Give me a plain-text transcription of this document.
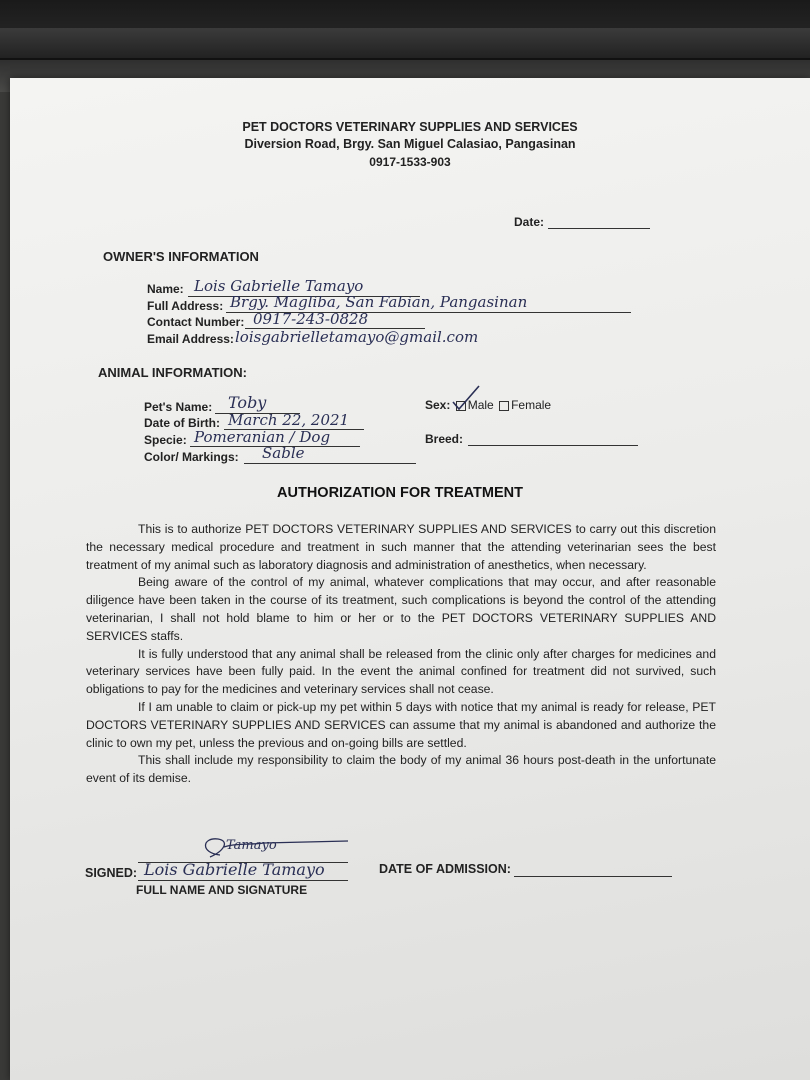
PET DOCTORS VETERINARY SUPPLIES AND SERVICES
Diversion Road, Brgy. San Miguel Calasiao, Pangasinan
0917-1533-903
Date:
OWNER'S INFORMATION
Name: Lois Gabrielle Tamayo
Full Address: Brgy. Magliba, San Fabian, Pangasinan
Contact Number: 0917-243-0828
Email Address: loisgabrielletamayo@gmail.com
ANIMAL INFORMATION:
Pet's Name: Toby
Date of Birth: March 22, 2021
Specie: Pomeranian / Dog
Color/ Markings: Sable
Sex: Male Female
Breed:
AUTHORIZATION FOR TREATMENT

This is to authorize PET DOCTORS VETERINARY SUPPLIES AND SERVICES to carry out this discretion the necessary medical procedure and treatment in such manner that the attending veterinarian sees the best treatment of my animal such as laboratory diagnosis and administration of anesthetics, when necessary.

Being aware of the control of my animal, whatever complications that may occur, and after reasonable diligence have been taken in the course of its treatment, such complications is beyond the control of the attending veterinarian, I shall not hold blame to him or her or to the PET DOCTORS VETERINARY SUPPLIES AND SERVICES staffs.

It is fully understood that any animal shall be released from the clinic only after charges for medicines and veterinary services have been fully paid. In the event the animal confined for treatment did not survived, such obligations to pay for the medicines and veterinary services shall not cease.

If I am unable to claim or pick-up my pet within 5 days with notice that my animal is ready for release, PET DOCTORS VETERINARY SUPPLIES AND SERVICES can assume that my animal is abandoned and authorize the clinic to own my pet, unless the previous and on-going bills are settled.

This shall include my responsibility to claim the body of my animal 36 hours post-death in the unfortunate event of its demise.

Tamayo
SIGNED: Lois Gabrielle Tamayo
FULL NAME AND SIGNATURE
DATE OF ADMISSION:
